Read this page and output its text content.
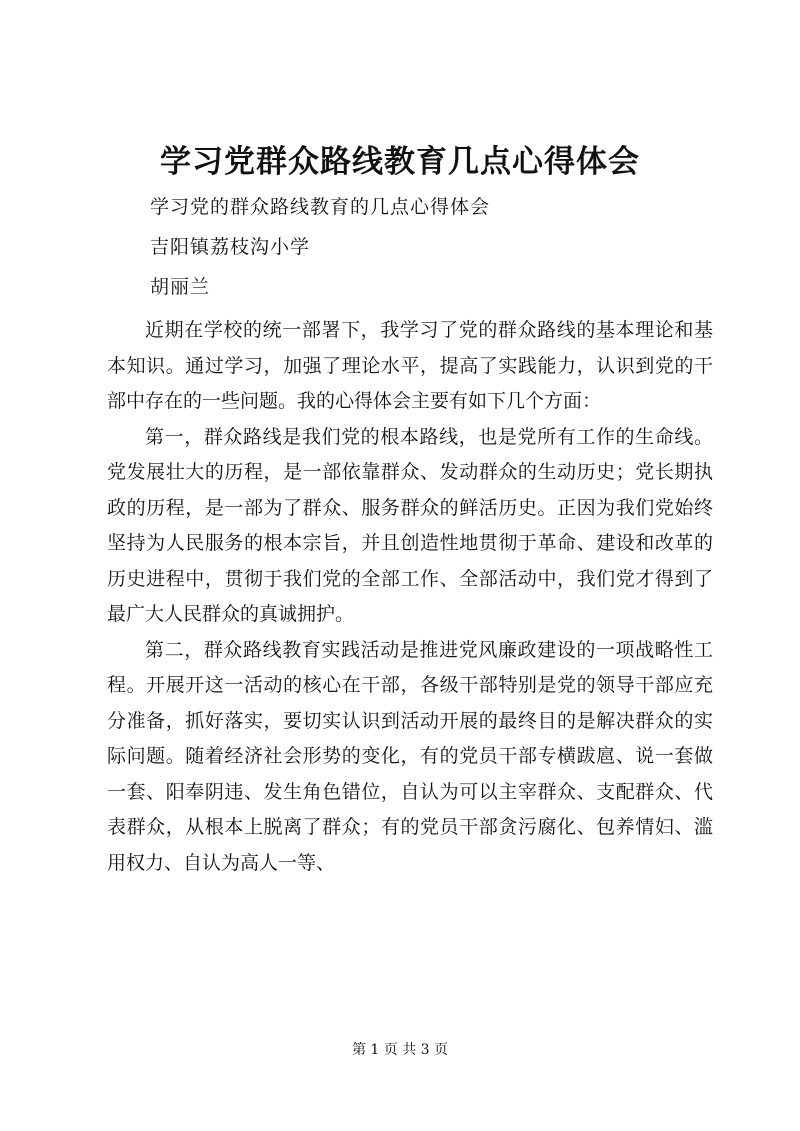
学习党群众路线教育几点心得体会
学习党的群众路线教育的几点心得体会
吉阳镇荔枝沟小学
胡丽兰

近期在学校的统一部署下，我学习了党的群众路线的基本理论和基本知识。通过学习，加强了理论水平，提高了实践能力，认识到党的干部中存在的一些问题。我的心得体会主要有如下几个方面：

第一，群众路线是我们党的根本路线，也是党所有工作的生命线。党发展壮大的历程，是一部依靠群众、发动群众的生动历史；党长期执政的历程，是一部为了群众、服务群众的鲜活历史。正因为我们党始终坚持为人民服务的根本宗旨，并且创造性地贯彻于革命、建设和改革的历史进程中，贯彻于我们党的全部工作、全部活动中，我们党才得到了最广大人民群众的真诚拥护。

第二，群众路线教育实践活动是推进党风廉政建设的一项战略性工程。开展开这一活动的核心在干部，各级干部特别是党的领导干部应充分准备，抓好落实，要切实认识到活动开展的最终目的是解决群众的实际问题。随着经济社会形势的变化，有的党员干部专横跋扈、说一套做一套、阳奉阴违、发生角色错位，自认为可以主宰群众、支配群众、代表群众，从根本上脱离了群众；有的党员干部贪污腐化、包养情妇、滥用权力、自认为高人一等、

第 1 页 共 3 页
